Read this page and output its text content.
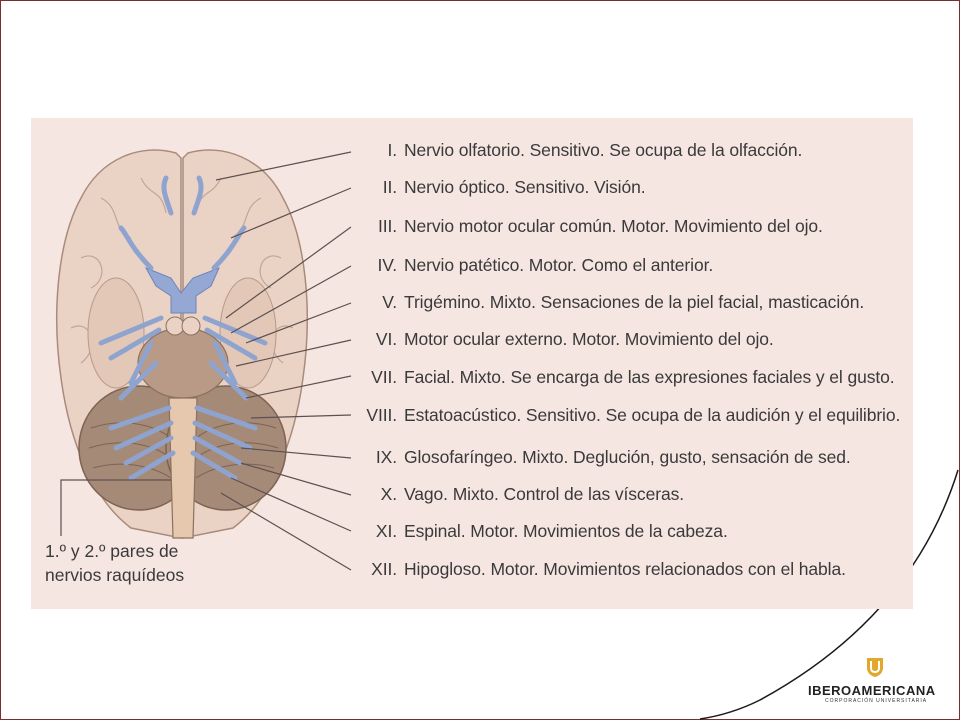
I. Nervio olfatorio. Sensitivo. Se ocupa de la olfacción.
II. Nervio óptico. Sensitivo. Visión.
III. Nervio motor ocular común. Motor. Movimiento del ojo.
IV. Nervio patético. Motor. Como el anterior.
V. Trigémino. Mixto. Sensaciones de la piel facial, masticación.
VI. Motor ocular externo. Motor. Movimiento del ojo.
VII. Facial. Mixto. Se encarga de las expresiones faciales y el gusto.
VIII. Estatoacústico. Sensitivo. Se ocupa de la audición y el equilibrio.
IX. Glosofaríngeo. Mixto. Deglución, gusto, sensación de sed.
X. Vago. Mixto. Control de las vísceras.
XI. Espinal. Motor. Movimientos de la cabeza.
XII. Hipogloso. Motor. Movimientos relacionados con el habla.
1.º y 2.º pares de
nervios raquídeos
IBEROAMERICANA
CORPORACIÓN UNIVERSITARIA
